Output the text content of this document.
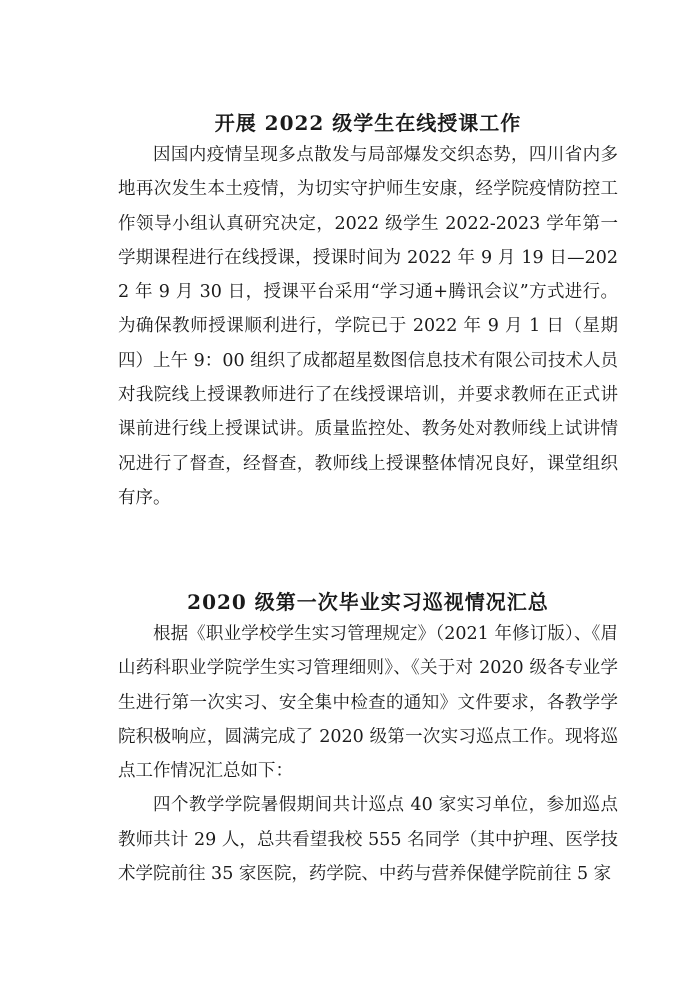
开展 2022 级学生在线授课工作

因国内疫情呈现多点散发与局部爆发交织态势，四川省内多地再次发生本土疫情，为切实守护师生安康，经学院疫情防控工作领导小组认真研究决定，2022 级学生 2022-2023 学年第一学期课程进行在线授课，授课时间为 2022 年 9 月 19 日—2022 年 9 月 30 日，授课平台采用“学习通+腾讯会议”方式进行。为确保教师授课顺利进行，学院已于 2022 年 9 月 1 日（星期四）上午 9：00 组织了成都超星数图信息技术有限公司技术人员对我院线上授课教师进行了在线授课培训，并要求教师在正式讲课前进行线上授课试讲。质量监控处、教务处对教师线上试讲情况进行了督查，经督查，教师线上授课整体情况良好，课堂组织有序。

2020 级第一次毕业实习巡视情况汇总

根据《职业学校学生实习管理规定》（2021 年修订版）、《眉山药科职业学院学生实习管理细则》、《关于对 2020 级各专业学生进行第一次实习、安全集中检查的通知》文件要求，各教学学院积极响应，圆满完成了 2020 级第一次实习巡点工作。现将巡点工作情况汇总如下：

四个教学学院暑假期间共计巡点 40 家实习单位，参加巡点教师共计 29 人，总共看望我校 555 名同学（其中护理、医学技术学院前往 35 家医院，药学院、中药与营养保健学院前往 5 家
